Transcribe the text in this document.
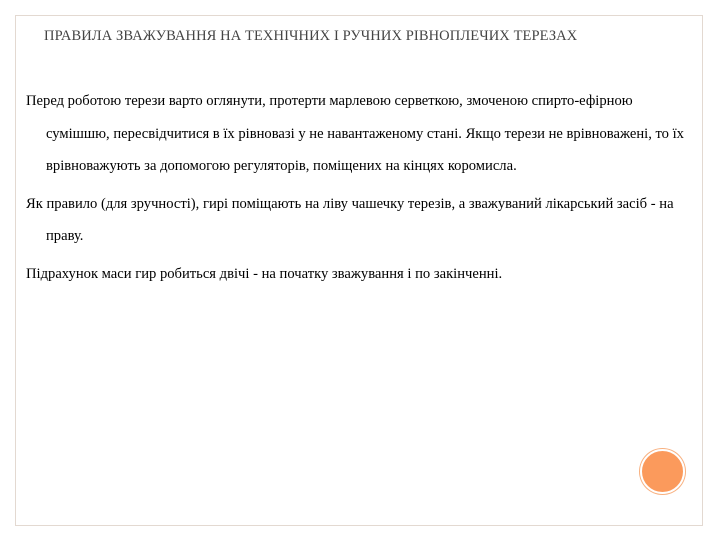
ПРАВИЛА ЗВАЖУВАННЯ НА ТЕХНІЧНИХ І РУЧНИХ РІВНОПЛЕЧИХ ТЕРЕЗАХ
Перед роботою терези варто оглянути, протерти марлевою серветкою, змоченою спирто-ефірною сумішшю, пересвідчитися в їх рівновазі у не навантаженому стані. Якщо терези не врівноважені, то їх врівноважують за допомогою регуляторів, поміщених на кінцях коромисла.
Як правило (для зручності), гирі поміщають на ліву чашечку терезів, а зважуваний лікарський засіб - на праву.
Підрахунок маси гир робиться двічі - на початку зважування і по закінченні.
